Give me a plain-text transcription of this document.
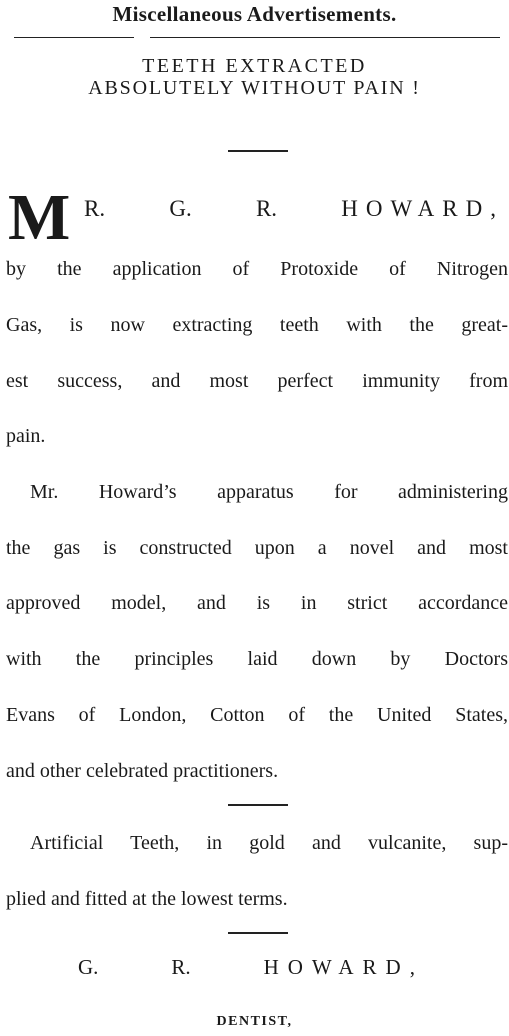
Miscellaneous Advertisements.
TEETH EXTRACTED
ABSOLUTELY WITHOUT PAIN !
M R.	G.	R.	HOWARD,
by the application of Protoxide of Nitrogen
Gas, is now extracting teeth with the great-
est success, and most perfect immunity from
pain.
Mr. Howard’s apparatus for administering
the gas is constructed upon a novel and most
approved model, and is in strict accordance
with the principles laid down by Doctors
Evans of London, Cotton of the United States,
and other celebrated practitioners.
Artificial Teeth, in gold and vulcanite, sup-
plied and fitted at the lowest terms.
G.	R.	HOWARD,
DENTIST,
